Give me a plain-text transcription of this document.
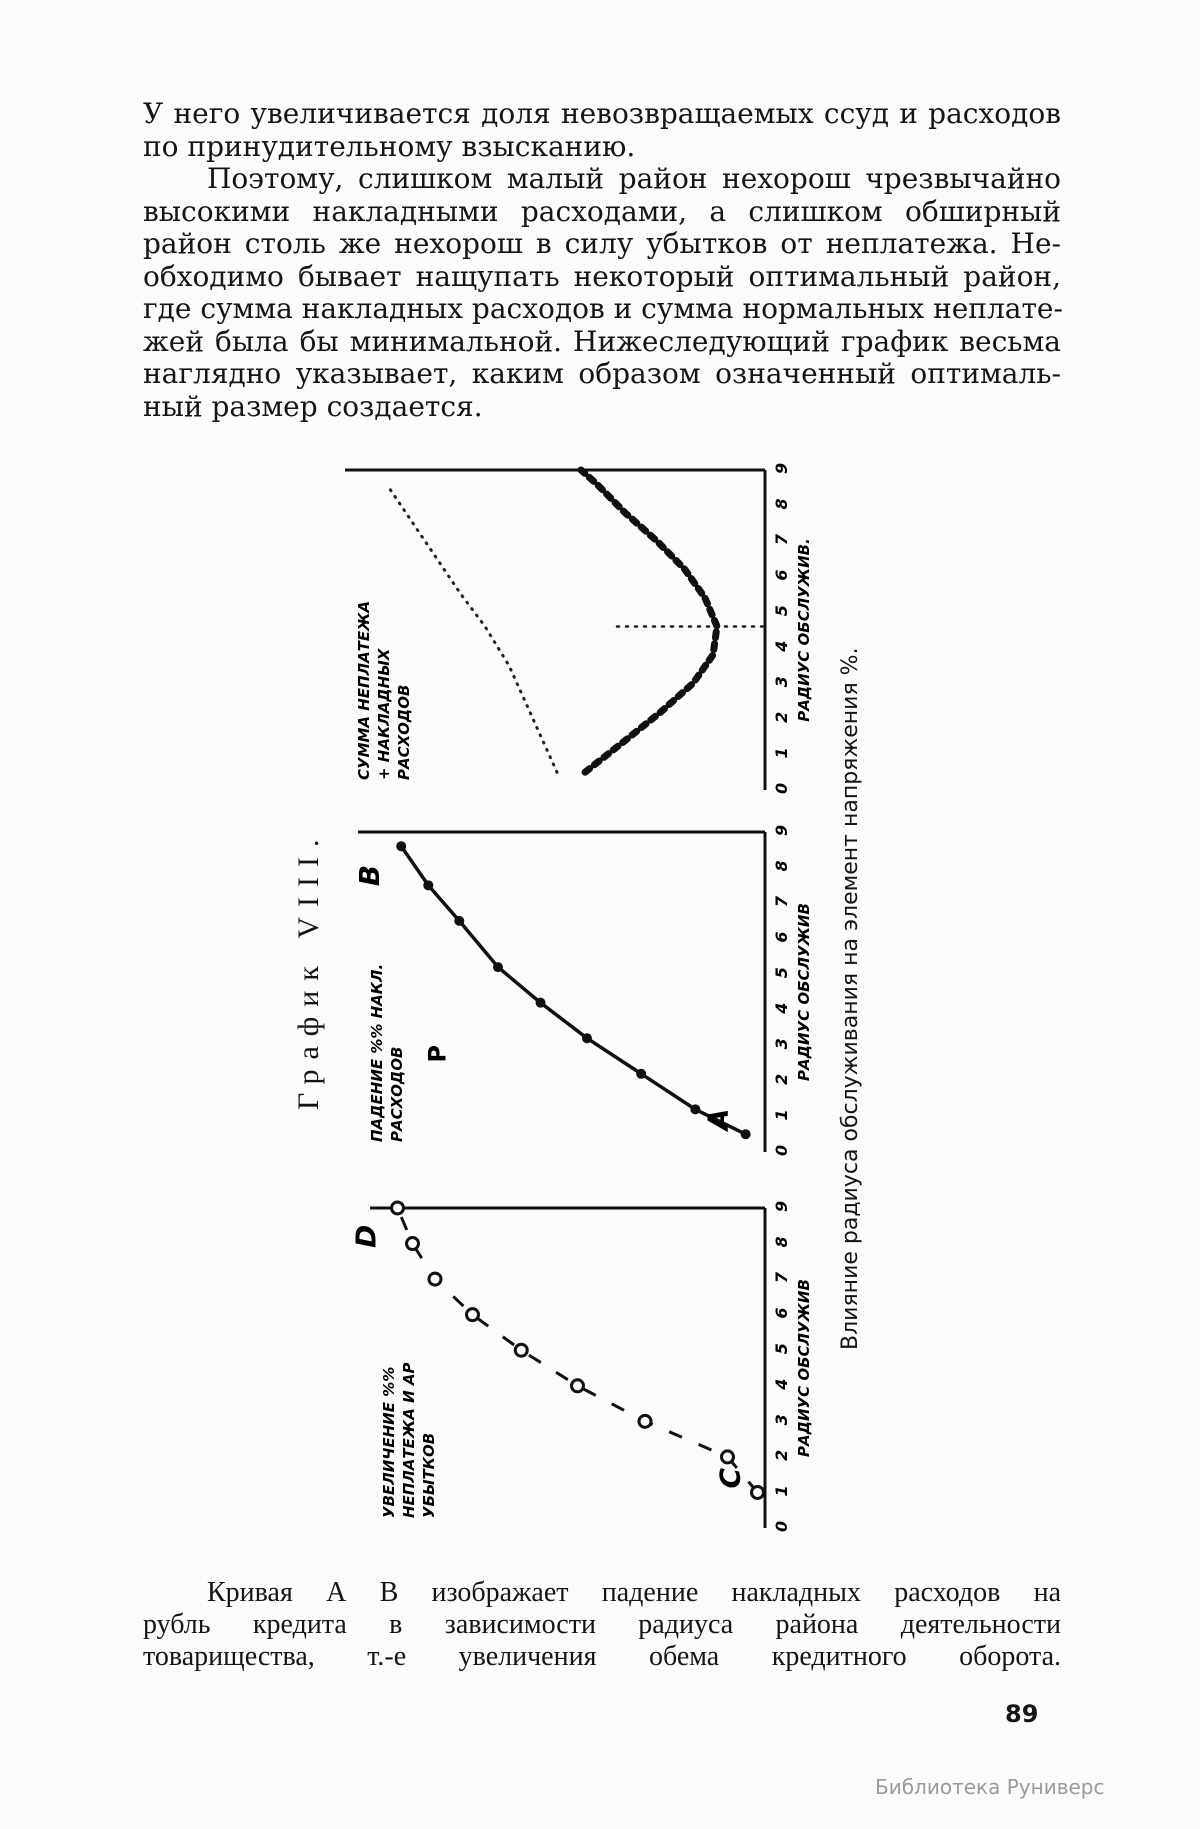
У него увеличивается доля невозвращаемых ссуд и расходов
по принудительному взысканию.
Поэтому, слишком малый район нехорош чрезвычайно
высокими накладными расходами, а слишком обширный
район столь же нехорош в силу убытков от неплатежа. Не-
обходимо бывает нащупать некоторый оптимальный район,
где сумма накладных расходов и сумма нормальных неплате-
жей была бы минимальной. Нижеследующий график весьма
наглядно указывает, каким образом означенный оптималь-
ный размер создается.
0
1
2
3
4
5
6
7
8
9
РАДИУС ОБСЛУЖИВ
УВЕЛИЧЕНИЕ %% НЕПЛАТЕЖА И АР УБЫТКОВ	C
D
0
1
2
3
4
5
6
7
8
9
РАДИУС ОБСЛУЖИВ
ПАДЕНИЕ %% НАКЛ. РАСХОДОВ	A
B
Р
0
1
2
3
4
5
6
7
8
9
РАДИУС ОБСЛУЖИВ.
СУММА НЕПЛАТЕЖА + НАКЛАДНЫХ РАСХОДОВ
График VIII.	Влияние радиуса обслуживания на элемент напряжения %.
Кривая А В изображает падение накладных расходов на
рубль кредита в зависимости радиуса района деятельности
товарищества, т.-е увеличения обема кредитного оборота.
89
Библиотека Руниверс
